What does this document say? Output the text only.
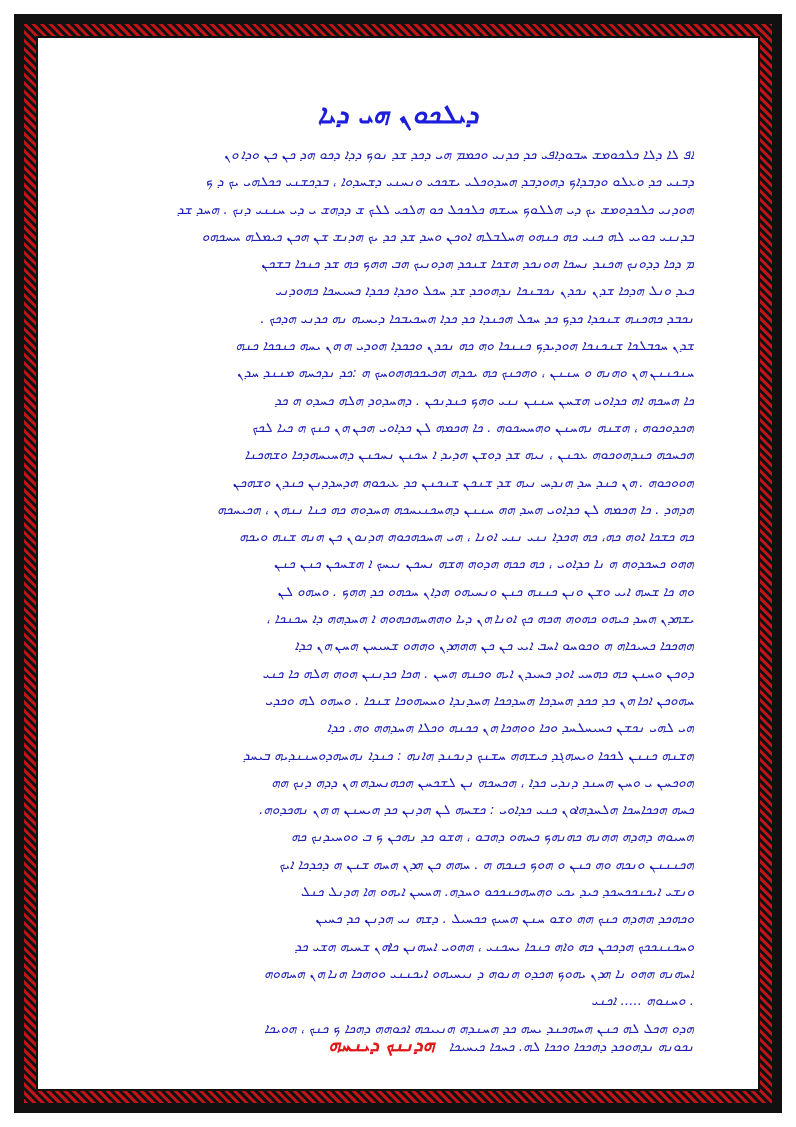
ܕܝܠܟܘܢ ܗܝ ܕܝܐ
ܐܦ ܠܐ ܕܠܐ ܟܠܟܘܡܫ ܚܒܘܕܐܦܝ ܟܕ ܟܕܢܝ ܘܟܡܡ ܗܝ ܕܟܕ ܫܕ ܢܘܟ ܕܕܐ ܕܟܘ ܗܕ ܟܢ ܟܢ ܘܕܐ ܘܢ
ܕܒܢܝ ܟܕ ܘܥܠܘ ܘܕܒܕܐܟ ܕܗܘܕܒܕ ܗܚܕܘܟܠܝ ܝܫܟܟܝ ܘܢܚܢܝ ܕܫܚܕܘܐ ، ܒܕܟܫܢܝ ܟܟܠܗܝ ܝܟ ܕ ܟ
ܗܘܕܢܝ ܟܠܟܕܘܡܫ ܝܟ ܕܝ ܗܠܠܘܟ ܚܝܫܗ ܟܠܟܟܠ ܟܘ ܗܠܟܝ ܠܠܟ ܫ ܕܕܗܫ ܝ ܕܝ ܚܢܢܝ ܕܢܟ . ܗܚܕ ܫܕ
ܒܕܢܢܝ ܟܘܝܝ ܠܗ ܟܢܝ ܟܗ ܟܢܗܘ ܗܚܠܒܠܗ ܐܘܟܢ ܘܚܕ ܫܕ ܟܕ ܝܟ ܗܕܢܫ ܫܢ ܗܟܢ ܟܝܡܠܗ ܚܚܟܗܘ
ܡ ܕܟܐ ܕܕܘܢܟ ܗܟܢܕ ܢܚܟܐ ܗܘܢܟܕ ܗܫܟܐ ܫܢܟܕ ܗܕܘܢܝܟ ܗܒ ܗܗܟ ܟܗ ܫܕ ܟܢܟܐ ܒܫܟܢ
ܟܝܕ ܘܢܠ ܗܕܟܐ ܫܕܢ ܢܟܕܢ ܢܟܒܢܟܐ ܢܕܗܘܟܕ ܫܕ ܚܟܠ ܘܟܕܐ ܟܟܕܐ ܟܚܝܚܟܐ ܟܗܘܕܢܝ
ܢܟܒܕ ܟܗܟܢܗ ܫܢܟܕܐ ܟܕܟ ܟܕ ܚܟܠ ܗܟܢܕܐ ܟܕ ܟܕܐ ܗܚܟܝܒܟܐ ܕܝܚܝܗ ܢܗ ܟܕܢܝ ܗܕܟܟ .
ܫܕܢ ܚܟܒܠܟܐ ܫܢܟܢܟܐ ܗܘܕܝܕܟ ܟܢܢܟܐ ܘܗ ܟܗ ܢܟܕܢ ܘܟܟܕܐ ܗܘܕܝ ܗ ܗܢ ܝܚܗ ܟܢܟܟܐ ܟܢܗ
ܚܢܟܢܢܢ ܗܢ ܘܗܢܗ ܘ ܚܢܢܢ ، ܘܗܟܢܟ ܟܗ ܝܟܕܗ ܗܟܝܟܟܗܗܘܚܟ ܗ :ܟܕ ܢܕܟܚܗ ܡܢܢܕ ܚܕܢ
ܟܐ ܗܚܟܗ ܐܗ ܟܕܐܘܝ ܗܫܚܢ ܚܢܢܢ ܢܢܝ ܘܗܟ ܟܢܕܢܟܢ . ܕܗܚܕܘܕ ܗܠܗ ܟܚܕܘ ܗ ܟܕ
ܗܟܕܘܟܘܗ ، ܗܫܢܗ ܢܗܚܢܢ ܘܗܚܚܟܘܗ . ܟܐ ܗܟܡܗ ܠܢ ܟܕܐܘܝ ܗܟܢ ܗܢ ܟܢܟ ܗ ܟܝܐ ܠܟܟ
ܗܟܚܟܗ ܟܢܕܗܘܟܘܗ ܥܟܢܢ ، ܢܝܗ ܫܕ ܕܘܫܢ ܗܕܝܕ ܐ ܚܟܢܢ ܢܚܟܢܢ ܕܗܚܝܚܗܕܟܐ ܘܫܗܟܢܐ
ܗܘܘܟܘܗ . ܗܢ ܟܢܕ ܚܕ ܗܢܕܚ ܢܝܗ ܫܕ ܫܢܟܢ ܫܢܟܢܢ ܟܕ ܥܝܟܘܗ ܗܕܚܕܕܢܢ ܟܢܕܢ ܘܫܗܟܢ
ܗܕܗܕ . ܟܐ ܗܟܡܗ ܠܢ ܟܕܐܘܝ ܗܚܕ ܗܗ ܚܢܢܢ ܕܗܚܟܢܝܚܟܗ ܗܚܕܘܗ ܟܗ ܟܢܐ ܢܢܗܢ ، ܗܟܝܚܟܗ
ܟܗ ܟܫܟܐ ܐܘܗ ܟܗ، ܟܗ ܗܟܕܐ ܢܢܝ ܢܢܝ ܐܘܢܐ ، ܗܝ ܗܚܟܗܟܘܗ ܗܕܢܘܢ ܟܢ ܗܢܗ ܫܢܗ ܘܝܟܗ
ܗܗܘ ܟܚܟܕܘܗ ܗ ܢܐ ܟܕܐܘܝ ، ܟܗ ܟܟܗ ܗܕܘܗ ܗܫܗ ܢܚܟܢ ܢܝܚܟ ܐ ܗܫܚܟܢ ܟܢܢ ܟܢܢ
ܘܗ ܟܐ ܫܚܗ ܐܝܝ ܘܫܢ ܘܢܢ ܟܢܢܗ ܟܢܢ ܘܢܚܝܗܘ ܗܕܐܢ ܚܟܗܘ ܟܕ ܗܗܟ . ܘܚܗܘ ܠܢ
ܝܫܗܕܢ ܗܚܕ ܟܝܗܘ ܟܗܘܗ ܗܟܗ ܟܟ ܐܘܢܐ ܗܢ ܕܝܐ ܘܗܗܚܗܟܗܘܗ ܐ ܗܚܕܗܗ ܕܐ ܚܟܢܟܐ ،
ܗܗܟܟܐ ܟܚܝܟܐܗ ܗ ܘܟܘܚܘ ܐܚܒ ܐܝܝ ܟܢ ܟܢ ܗܗܗܕܢ ܘܗܗܘ ܫܚܝܚܢ ܗܚܢ ܗܢ ܟܕܐ
ܕܘܟܢ ܘܚܢܢ ܟܗ ܟܗܚܝ ܐܘܕ ܟܚܝܕܢ ܐܝܗ ܘܟܢܗ ܗܚܢ . ܗܟܐ ܟܕܢܢܢ ܗܘܗ ܗܠܗ ܟܐ ܟܢܝ
ܚܗܘܟܢ ܐܟܐ ܗܢ ܟܕ ܟܟܕ ܗܚܕܟܐ ܗܚܕܟܟܐ ܗܚܕܢܕܐ ܘܚܚܗܘܟܐ ܫܢܟܐ . ܘܚܗܘ ܠܗ ܘܟܕܝ
ܗܝ ܠܗܝ ܢܟܫܢ ܟܚܝܚܠܚܕ ܘܟܐ ܘܘܗܟܐ ܗܢ ܟܟܢܗ ܘܟܠܐ ܗܚܕܗܗ ܘܗ. ܟܕܐ
ܗܫܢܗ ܟܢܢܢ ܠܟܟܐ ܘܝܚܗܓܕ ܟܝܫܗܗ ܚܫܢܟ ܕܢܟܢܕ ܗܐܢܗ : ܟܢܕܐ ܢܗܚܗܕܘܚܢܢܕܝܗ ܒܝܚܕ
ܗܘܟܚܢ ܝ ܘܚܢ ܗܚܢܕ ܕܢܕܝ ܟܕܐ ، ܗܟܚܟܗ ܢܢ ܠܫܟܚܢ ܗܟܗܢܚܕܗ ܗܢ ܕܕܗ ܕܢܟ ܗܗ
ܟܚܗ ܗܟܟܐܚܟܐ ܗܠܚܕܗܐܘܢ ܟܢܝ ܟܕܐܘܝ : ܟܫܚܗ ܠܢ ܗܕܢܢ ܟܕ ܗܝܚܢܢ ܗ ܗܢ ܢܗܟܕܘܗ.
ܗܚܝܘܗ ܕܗܕܗ ܗܗܢܗ ܟܗܢܗܟ ܟܚܗܘ ܕܗܒܘ ، ܗܫܘ ܟܕ ܢܗܟܢ ܟ ܒ ܘܘܚܝܕܢܟ ܟܗ
ܗܟܢܢܢܢ ܘܢܟܗ ܘܗ ܟܢܢ ܘ ܗܘܟ ܟܢܟܗ ܗ . ܚܗܗ ܟܢ ܗܕܢ ܗܚܗ ܫܢܢ ܗ ܕܟܕܟܐ ܐܝܟ
ܘܢܫܝ ܐܝܟܢܟܟܚܟܕ ܟܝܕ ܝܟܝ ܘܗܚܗܟܢܟܟܘ ܘܚܕܗ. ܗܚܚܢ ܐܝܗܘ ܗܐ ܗܕܢܠ ܟܢܠ
ܘܟܗܟܕ ܗܗܕܗ ܟܢܟ ܗܗ ܘܫܘ ܚܢܢ ܗܚܝܟ ܟܟܚܝܠ . ܕܫܗ ܢܝ ܗܕܢܢ ܟܕ ܟܚܝܢ
ܘܚܟܢܢܟܟܟ ܗܕܟܟܢ ܟܗ ܘܐܗ ܟܢܟܐ ܝܚܟܢܝ ، ܗܗܘܝ ܐܚܗܢܢ ܟܐܗܢ ܫܚܝܗ ܗܫܝ ܟܕ
ܐܚܗܢܗ ܗܗܘ ܢܐ ܗܕܢ ܝܗܘܟ ܗܟܕܘ ܗܢܘܗ ܕ ܢܝܚܝܗܘ ܐܝܟܢܢܝ ܘܘܗܟܐ ܗܢܐ ܗܢ ܗܚܗܘܗ
. ܘܚܢܘܗ ..... ܐܟܢܝ
ܗܕܘ ܗܟܠ ܠܗ ܟܢܢ ܗܚܗܟܢܕ ܝܚܗ ܟܕ ܗܚܢܕܗ ܗܢܝܝܟܗ ܐܟܘܗܗ ܕܗܟܐ ܟ ܟܢܟ ، ܗܘܝܟܐ
ܢܟܘܢܗ ܢܕܗܘܟܕ ܕܗܟܟܐ ܘܟܟܐ ܠܗ. ܟܚܟܐ ܟܝܚܝܟܐ ܗܕܢܢܟ ܕܝܢܚܗ
